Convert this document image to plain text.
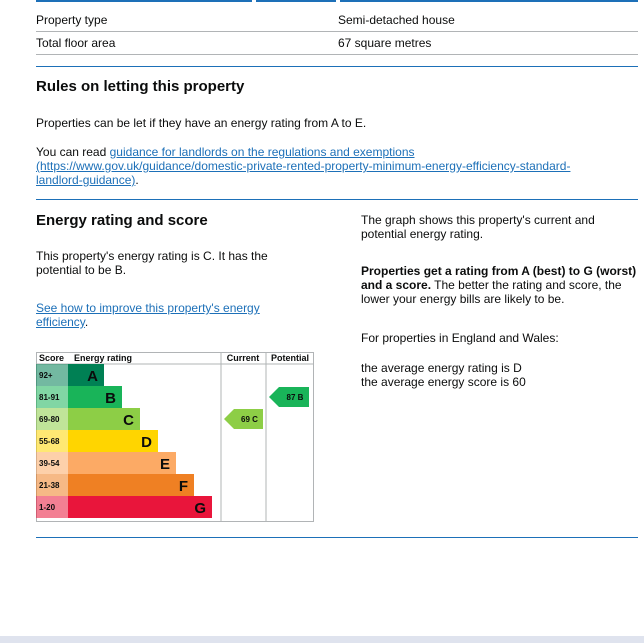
Property type	Semi-detached house
Total floor area	67 square metres
Rules on letting this property

Properties can be let if they have an energy rating from A to E.

You can read guidance for landlords on the regulations and exemptions (https://www.gov.uk/guidance/domestic-private-rented-property-minimum-energy-efficiency-standard-landlord-guidance).

Energy rating and score

This property's energy rating is C. It has the potential to be B.

See how to improve this property's energy efficiency.

The graph shows this property's current and potential energy rating.

Properties get a rating from A (best) to G (worst) and a score. The better the rating and score, the lower your energy bills are likely to be.

For properties in England and Wales:

the average energy rating is D

the average energy score is 60

Score Energy rating	Current Potential
92+ A
81-91	B
69-80	C
55-68	D
39-54	E
21-38	F
1-20	G
69 C
87 B
